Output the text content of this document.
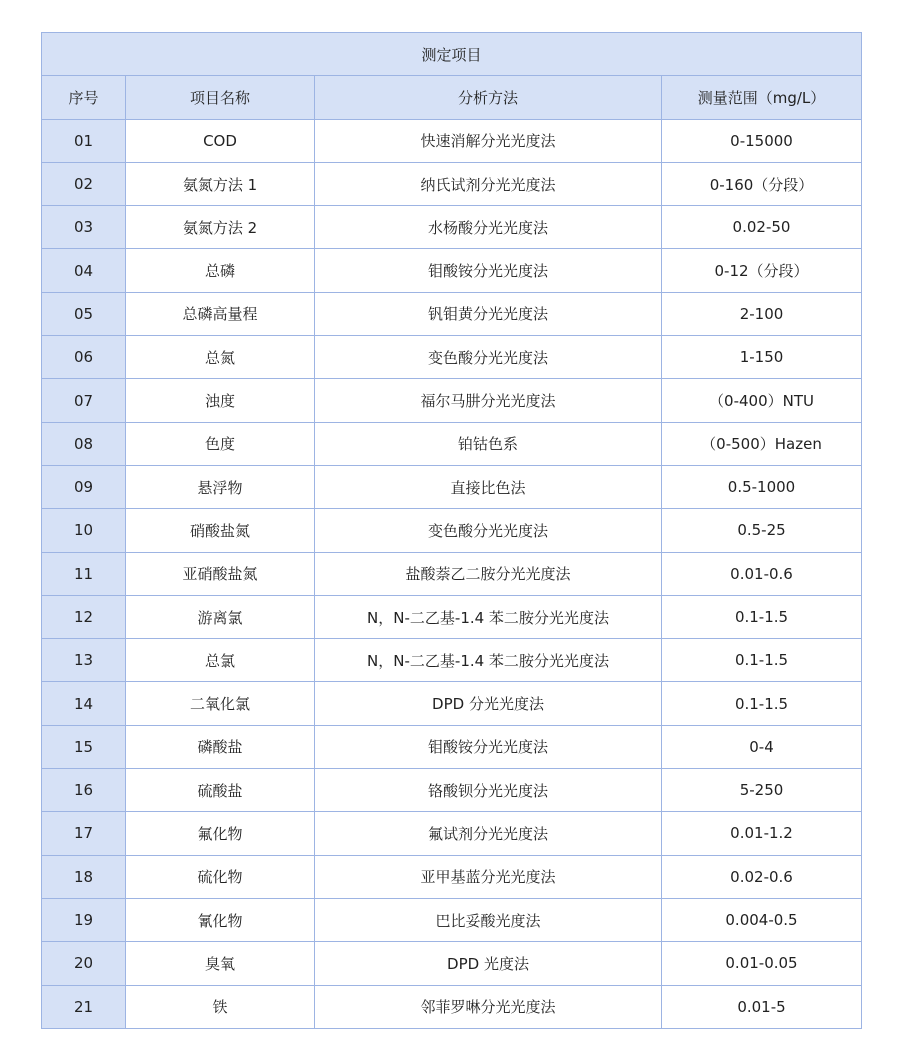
测定项目			
序号	项目名称	分析方法	测量范围（mg/L）
01	COD	快速消解分光光度法	0-15000
02	氨氮方法 1	纳氏试剂分光光度法	0-160（分段）
03	氨氮方法 2	水杨酸分光光度法	0.02-50
04	总磷	钼酸铵分光光度法	0-12（分段）
05	总磷高量程	钒钼黄分光光度法	2-100
06	总氮	变色酸分光光度法	1-150
07	浊度	福尔马肼分光光度法	（0-400）NTU
08	色度	铂钴色系	（0-500）Hazen
09	悬浮物	直接比色法	0.5-1000
10	硝酸盐氮	变色酸分光光度法	0.5-25
11	亚硝酸盐氮	盐酸萘乙二胺分光光度法	0.01-0.6
12	游离氯	N，N-二乙基-1.4 苯二胺分光光度法	0.1-1.5
13	总氯	N，N-二乙基-1.4 苯二胺分光光度法	0.1-1.5
14	二氧化氯	DPD 分光光度法	0.1-1.5
15	磷酸盐	钼酸铵分光光度法	0-4
16	硫酸盐	铬酸钡分光光度法	5-250
17	氟化物	氟试剂分光光度法	0.01-1.2
18	硫化物	亚甲基蓝分光光度法	0.02-0.6
19	氰化物	巴比妥酸光度法	0.004-0.5
20	臭氧	DPD 光度法	0.01-0.05
21	铁	邻菲罗啉分光光度法	0.01-5
